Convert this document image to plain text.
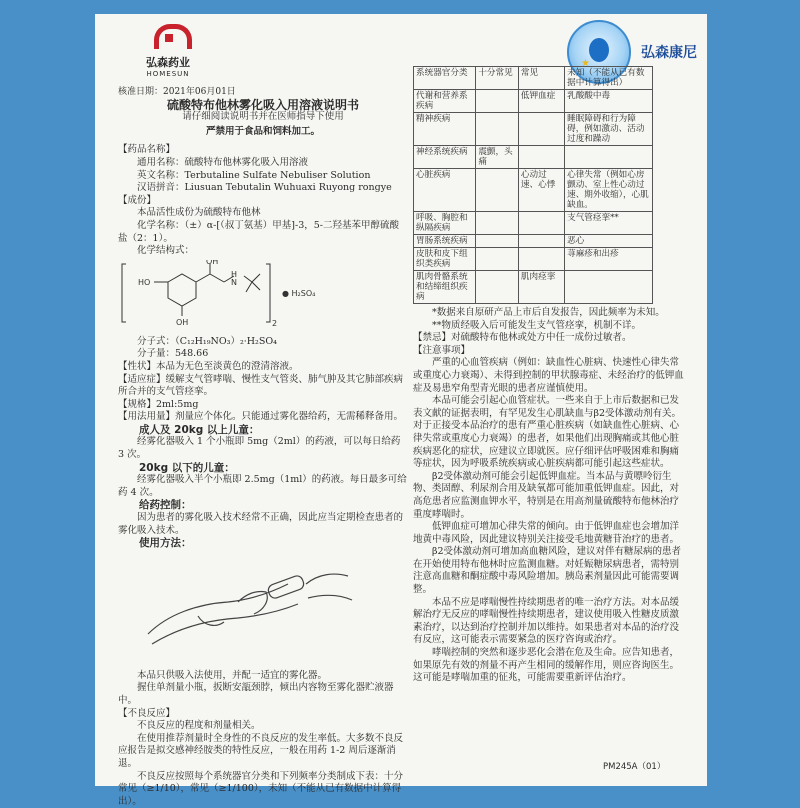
弘森药业
HOMESUN
★
弘森康尼

核准日期：2021年06月01日

硫酸特布他林雾化吸入用溶液说明书

请仔细阅读说明书并在医师指导下使用

严禁用于食品和饲料加工。

【药品名称】

通用名称：硫酸特布他林雾化吸入用溶液

英文名称：Terbutaline Sulfate Nebuliser Solution

汉语拼音：Liusuan Tebutalin Wuhuaxi Ruyong rongye

【成份】

本品活性成份为硫酸特布他林

化学名称：（±）α-[（叔丁氨基）甲基]-3，5-二羟基苯甲醇硫酸盐（2：1）。

化学结构式：

HO
OH
OH
H
N
2
● H₂SO₄

分子式：（C₁₂H₁₉NO₃）₂·H₂SO₄

分子量：548.66

【性状】本品为无色至淡黄色的澄清溶液。

【适应症】缓解支气管哮喘、慢性支气管炎、肺气肿及其它肺部疾病所合并的支气管痉挛。

【规格】2ml:5mg

【用法用量】剂量应个体化。只能通过雾化器给药，无需稀释备用。

成人及 20kg 以上儿童：

经雾化器吸入 1 个小瓶即 5mg（2ml）的药液，可以每日给药 3 次。

20kg 以下的儿童：

经雾化器吸入半个小瓶即 2.5mg（1ml）的药液。每日最多可给药 4 次。

给药控制：

因为患者的雾化吸入技术经常不正确，因此应当定期检查患者的雾化吸入技术。

使用方法：

本品只供吸入法使用，并配一适宜的雾化器。

握住单剂量小瓶，扳断安瓿颈脖，倾出内容物至雾化器贮液器中。

【不良反应】

不良反应的程度和剂量相关。

在使用推荐剂量时全身性的不良反应的发生率低。大多数不良反应报告是拟交感神经胺类的特性反应，一般在用药 1-2 周后逐渐消退。

不良反应按照每个系统器官分类和下列频率分类制成下表：十分常见（≥1/10），常见（≥1/100），未知（不能从已有数据中计算得出）。

系统器官分类	十分常见	常见	未知（不能从已有数据中计算得出）
代谢和营养系疾病		低钾血症	乳酸酸中毒
精神疾病			睡眠障碍和行为障碍，例如激动、活动过度和躁动
神经系统疾病	震颤，头痛		
心脏疾病		心动过速、心悸	心律失常（例如心房颤动、室上性心动过速、期外收缩），心肌缺血。
呼吸、胸腔和纵隔疾病			支气管痉挛**
胃肠系统疾病			恶心
皮肤和皮下组织类疾病			荨麻疹和出疹
肌肉骨骼系统和结缔组织疾病		肌肉痉挛	

*数据来自原研产品上市后自发报告，因此频率为未知。

**物质经吸入后可能发生支气管痉挛，机制不详。

【禁忌】对硫酸特布他林或处方中任一成份过敏者。

【注意事项】

严重的心血管疾病（例如：缺血性心脏病、快速性心律失常或重度心力衰竭）、未得到控制的甲状腺毒症、未经治疗的低钾血症及易患窄角型青光眼的患者应谨慎使用。

本品可能会引起心血管症状。一些来自于上市后数据和已发表文献的证据表明，有罕见发生心肌缺血与β2受体激动剂有关。对于正接受本品治疗的患有严重心脏疾病（如缺血性心脏病、心律失常或重度心力衰竭）的患者，如果他们出现胸痛或其他心脏疾病恶化的症状，应建议立即就医。应仔细评估呼吸困难和胸痛等症状，因为呼吸系统疾病或心脏疾病都可能引起这些症状。

β2受体激动剂可能会引起低钾血症。当本品与黄嘌呤衍生物、类固醇、利尿剂合用及缺氧都可能加重低钾血症。因此，对高危患者应监测血钾水平，特别是在用高剂量硫酸特布他林治疗重度哮喘时。

低钾血症可增加心律失常的倾向。由于低钾血症也会增加洋地黄中毒风险，因此建议特别关注接受毛地黄糖苷治疗的患者。

β2受体激动剂可增加高血糖风险，建议对伴有糖尿病的患者在开始使用特布他林时应监测血糖。对妊娠糖尿病患者，需特别注意高血糖和酮症酸中毒风险增加。胰岛素剂量因此可能需要调整。

本品不应是哮喘慢性持续期患者的唯一治疗方法。对本品缓解治疗无反应的哮喘慢性持续期患者，建议使用吸入性糖皮质激素治疗，以达到治疗控制并加以维持。如果患者对本品的治疗没有反应，这可能表示需要紧急的医疗咨询或治疗。

哮喘控制的突然和逐步恶化会潜在危及生命。应告知患者，如果原先有效的剂量不再产生相同的缓解作用，则应咨询医生。这可能是哮喘加重的征兆，可能需要重新评估治疗。

PM245A（01）
